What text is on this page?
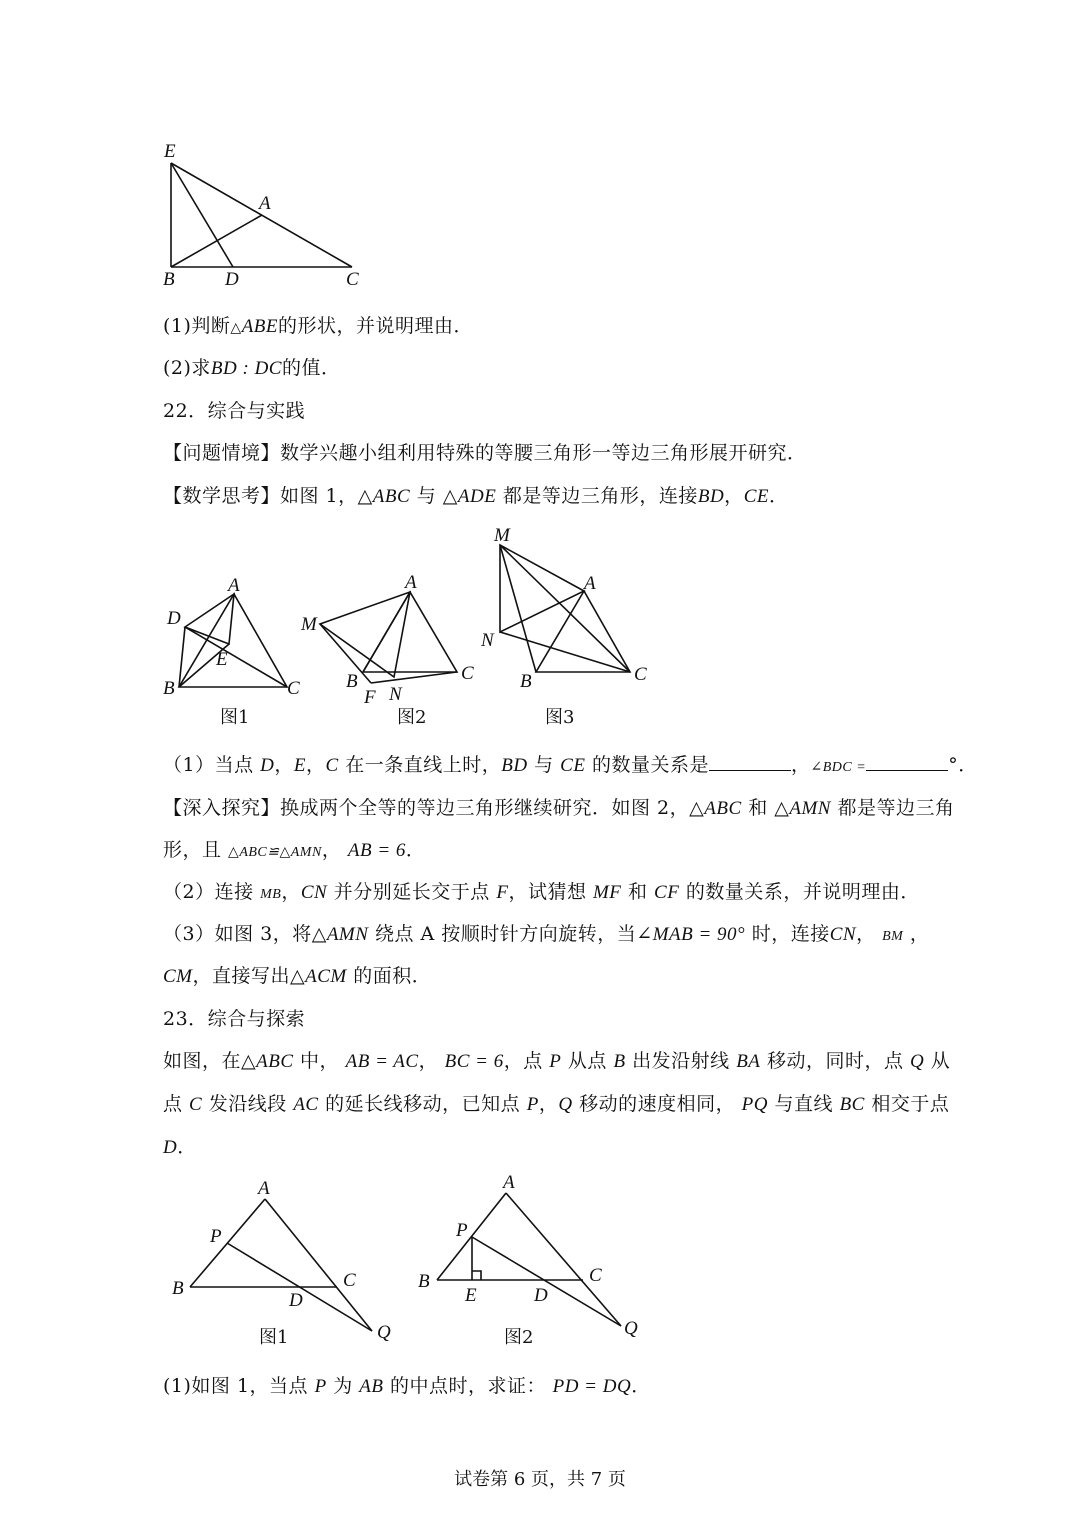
E
A
B	D	C
(1)判断△ABE的形状，并说明理由．
(2)求BD : DC的值．
22．综合与实践
【问题情境】数学兴趣小组利用特殊的等腰三角形一等边三角形展开研究．
【数学思考】如图 1，△ABC 与 △ADE 都是等边三角形，连接BD，CE．
A
D
E
B	C
图1
A
M
B
F N
C
图2
M
A
N
B	C
图3
（1）当点 D，E，C 在一条直线上时，BD 与 CE 的数量关系是	，∠BDC =	°．
【深入探究】换成两个全等的等边三角形继续研究．如图 2，△ABC 和 △AMN 都是等边三角
形，且 △ABC≌△AMN， AB = 6．
（2）连接 MB，CN 并分别延长交于点 F，试猜想 MF 和 CF 的数量关系，并说明理由．
（3）如图 3，将△AMN 绕点 A 按顺时针方向旋转，当∠MAB = 90° 时，连接CN， BM ，
CM，直接写出△ACM 的面积．
23．综合与探索
如图，在△ABC 中， AB = AC， BC = 6，点 P 从点 B 出发沿射线 BA 移动，同时，点 Q 从
点 C 发沿线段 AC 的延长线移动，已知点 P，Q 移动的速度相同， PQ 与直线 BC 相交于点
D．
A
P
B	C
D
Q
图1
A
P
B
E	D
C
Q
图2
(1)如图 1，当点 P 为 AB 的中点时，求证： PD = DQ．
试卷第 6 页，共 7 页
